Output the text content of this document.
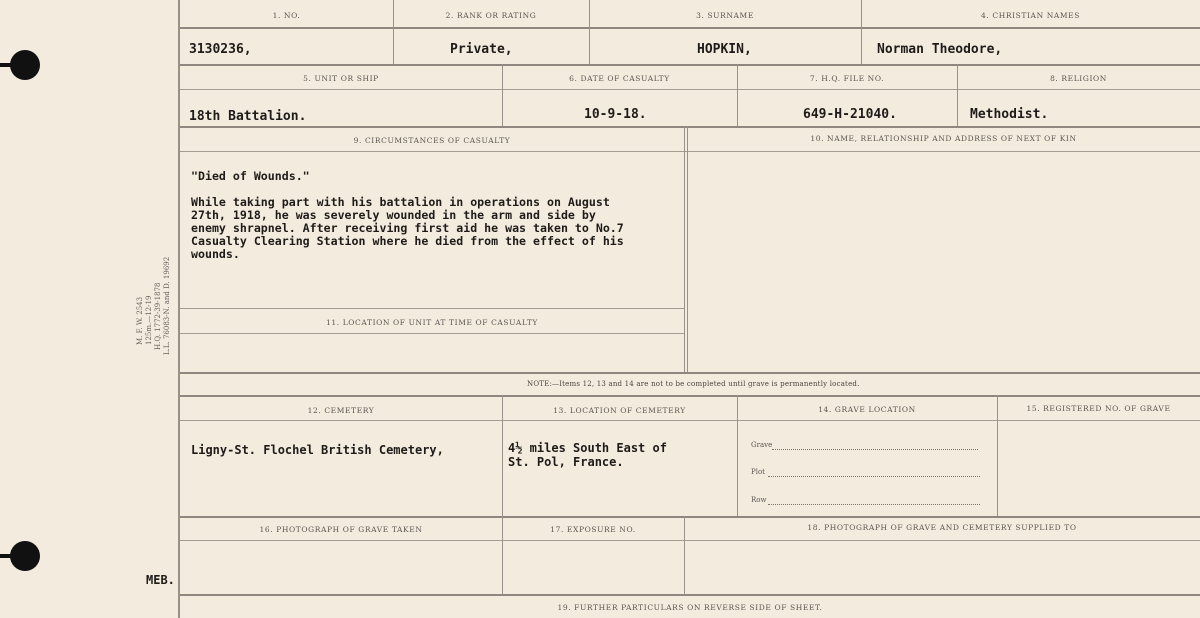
M. F. W. 2543 125m.—12-19 H.Q. 1772-39-1878 L.L. 76083-N. and D. 19692
MEB.
1. NO.	2. RANK OR RATING	3. SURNAME	4. CHRISTIAN NAMES
3130236,	Private,	HOPKIN,	Norman Theodore,
5. UNIT OR SHIP	6. DATE OF CASUALTY	7. H.Q. FILE NO.	8. RELIGION
18th Battalion.	10-9-18.	649-H-21040.	Methodist.
9. CIRCUMSTANCES OF CASUALTY	10. NAME, RELATIONSHIP AND ADDRESS OF NEXT OF KIN
"Died of Wounds."
While taking part with his battalion in operations on August
27th, 1918, he was severely wounded in the arm and side by
enemy shrapnel. After receiving first aid he was taken to No.7
Casualty Clearing Station where he died from the effect of his
wounds.
11. LOCATION OF UNIT AT TIME OF CASUALTY
NOTE:—Items 12, 13 and 14 are not to be completed until grave is permanently located.
12. CEMETERY	13. LOCATION OF CEMETERY	14. GRAVE LOCATION	15. REGISTERED NO. OF GRAVE
Ligny-St. Flochel British Cemetery,	4½ miles South East of
St. Pol, France.
Grave
Plot
Row
16. PHOTOGRAPH OF GRAVE TAKEN	17. EXPOSURE NO.	18. PHOTOGRAPH OF GRAVE AND CEMETERY SUPPLIED TO
19. FURTHER PARTICULARS ON REVERSE SIDE OF SHEET.
